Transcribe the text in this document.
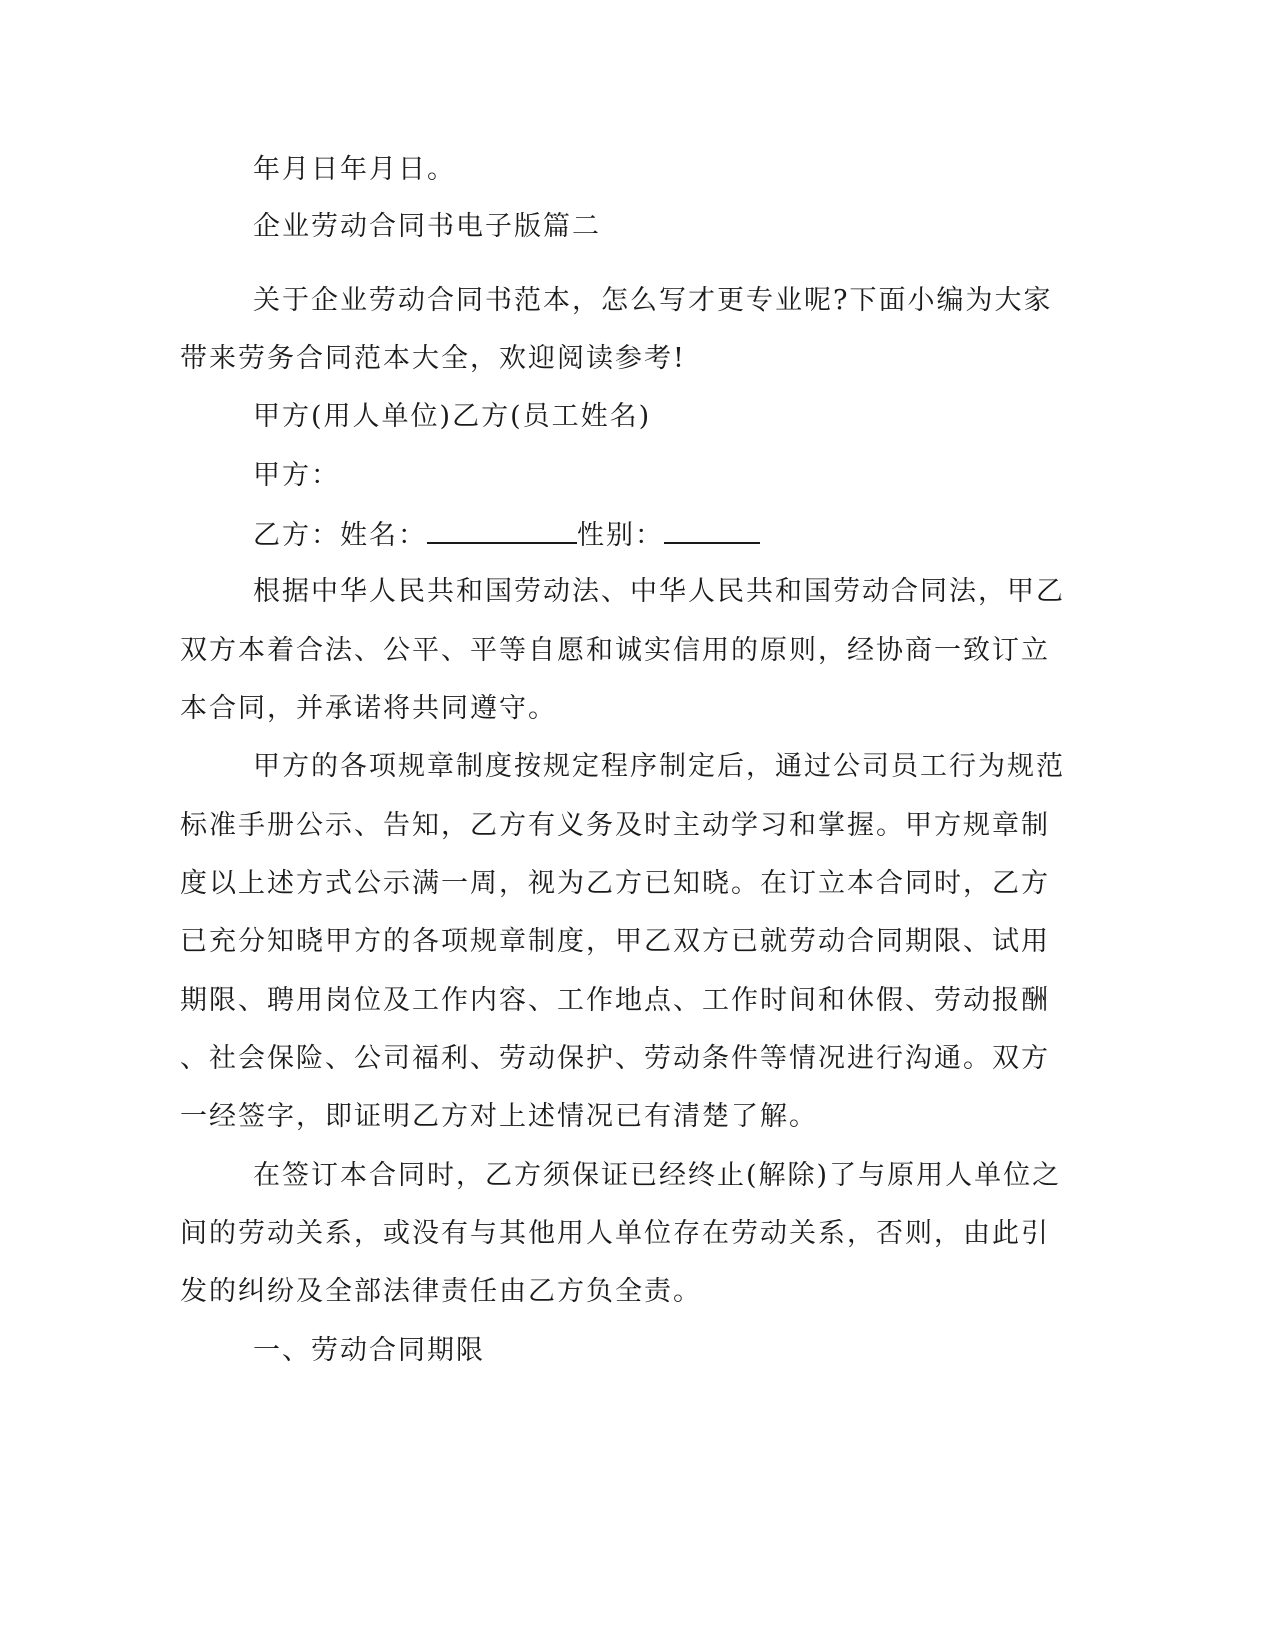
年月日年月日。
企业劳动合同书电子版篇二
关于企业劳动合同书范本，怎么写才更专业呢?下面小编为大家
带来劳务合同范本大全，欢迎阅读参考!
甲方(用人单位)乙方(员工姓名)
甲方：
乙方：姓名：	性别：
根据中华人民共和国劳动法、中华人民共和国劳动合同法，甲乙
双方本着合法、公平、平等自愿和诚实信用的原则，经协商一致订立
本合同，并承诺将共同遵守。
甲方的各项规章制度按规定程序制定后，通过公司员工行为规范
标准手册公示、告知，乙方有义务及时主动学习和掌握。甲方规章制
度以上述方式公示满一周，视为乙方已知晓。在订立本合同时，乙方
已充分知晓甲方的各项规章制度，甲乙双方已就劳动合同期限、试用
期限、聘用岗位及工作内容、工作地点、工作时间和休假、劳动报酬
、社会保险、公司福利、劳动保护、劳动条件等情况进行沟通。双方
一经签字，即证明乙方对上述情况已有清楚了解。
在签订本合同时，乙方须保证已经终止(解除)了与原用人单位之
间的劳动关系，或没有与其他用人单位存在劳动关系，否则，由此引
发的纠纷及全部法律责任由乙方负全责。
一、劳动合同期限
